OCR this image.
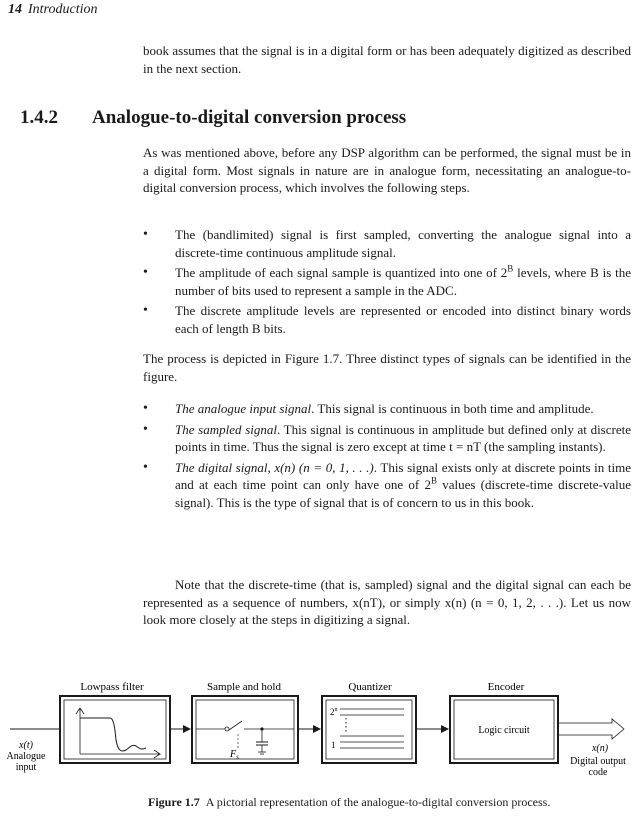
14 Introduction

book assumes that the signal is in a digital form or has been adequately digitized as described in the next section.

1.4.2 Analogue-to-digital conversion process

As was mentioned above, before any DSP algorithm can be performed, the signal must be in a digital form. Most signals in nature are in analogue form, necessitating an analogue-to-digital conversion process, which involves the following steps.

• The (bandlimited) signal is first sampled, converting the analogue signal into a discrete-time continuous amplitude signal.
• The amplitude of each signal sample is quantized into one of $2^B$ levels, where B is the number of bits used to represent a sample in the ADC.
• The discrete amplitude levels are represented or encoded into distinct binary words each of length B bits.

The process is depicted in Figure 1.7. Three distinct types of signals can be identified in the figure.

• The analogue input signal. This signal is continuous in both time and amplitude.
• The sampled signal. This signal is continuous in amplitude but defined only at discrete points in time. Thus the signal is zero except at time t = nT (the sampling instants).
• The digital signal, x(n) (n = 0, 1, . . .). This signal exists only at discrete points in time and at each time point can only have one of $2^B$ values (discrete-time discrete-value signal). This is the type of signal that is of concern to us in this book.

Note that the discrete-time (that is, sampled) signal and the digital signal can each be represented as a sequence of numbers, x(nT), or simply x(n) (n = 0, 1, 2, . . .). Let us now look more closely at the steps in digitizing a signal.

Lowpass filter	Sample and hold	Quantizer	Encoder
x(t)
Analogue
input
$F_s$
2$^n$
1
Logic circuit
x(n)
Digital output
code
Figure 1.7 A pictorial representation of the analogue-to-digital conversion process.
